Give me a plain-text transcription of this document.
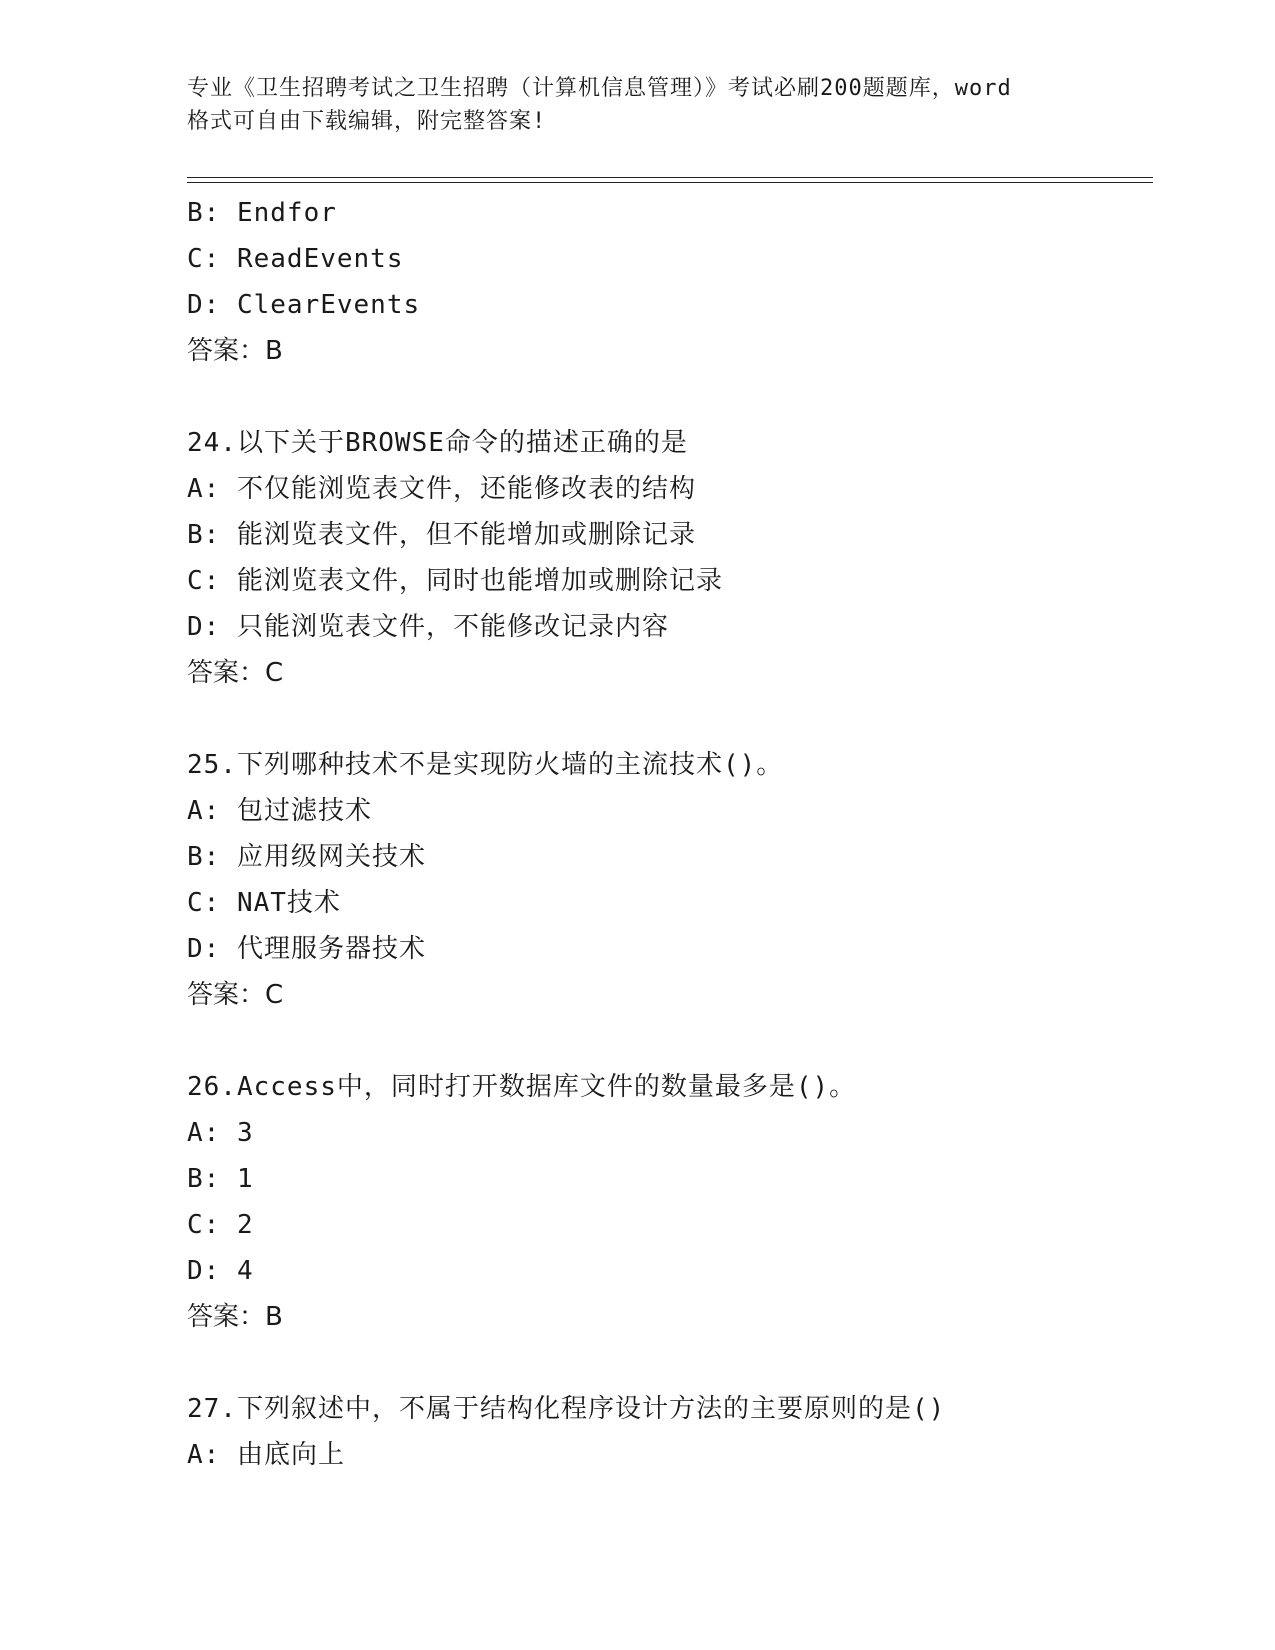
专业《卫生招聘考试之卫生招聘（计算机信息管理）》考试必刷200题题库，word
格式可自由下载编辑，附完整答案!
B: Endfor
C: ReadEvents
D: ClearEvents
答案：B
24.以下关于BROWSE命令的描述正确的是
A: 不仅能浏览表文件，还能修改表的结构
B: 能浏览表文件，但不能增加或删除记录
C: 能浏览表文件，同时也能增加或删除记录
D: 只能浏览表文件，不能修改记录内容
答案：C
25.下列哪种技术不是实现防火墙的主流技术()。
A: 包过滤技术
B: 应用级网关技术
C: NAT技术
D: 代理服务器技术
答案：C
26.Access中，同时打开数据库文件的数量最多是()。
A: 3
B: 1
C: 2
D: 4
答案：B
27.下列叙述中，不属于结构化程序设计方法的主要原则的是()
A: 由底向上
